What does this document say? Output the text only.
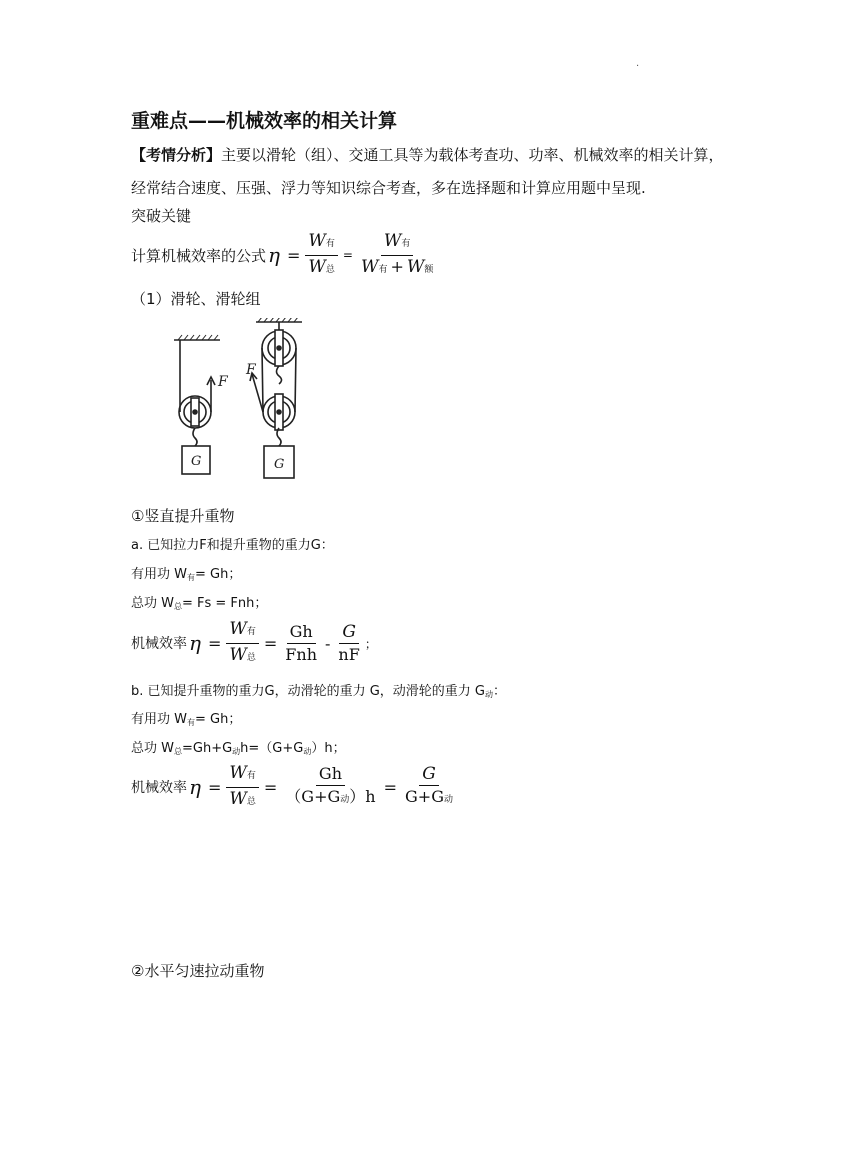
.
重难点——机械效率的相关计算
【考情分析】主要以滑轮（组）、交通工具等为载体考查功、功率、机械效率的相关计算，
经常结合速度、压强、浮力等知识综合考查，多在选择题和计算应用题中呈现.
突破关键
计算机械效率的公式 $\eta = \frac{\text{W有}}{\text{W总}} = \frac{\text{W有}}{\text{W有 + W额}}$
（1）滑轮、滑轮组
F
G
F
G
①竖直提升重物
a. 已知拉力F和提升重物的重力G：
有用功 W有= Gh；
总功 W总= Fs = Fnh；
机械效率 $\eta = \frac{\text{W有}}{\text{W总}} = \frac{Gh}{\text{Fnh}} - \frac{G}{nF}$ ；
b. 已知提升重物的重力G，动滑轮的重力 G，动滑轮的重力 G动：
有用功 W有= Gh；
总功 W总=Gh+G动h=（G+G动）h；
机械效率 $\eta = \frac{\text{W有}}{\text{W总}} = \frac{Gh}{\text{（G+G动）h}} = \frac{G}{\text{G+G动}}$
②水平匀速拉动重物
